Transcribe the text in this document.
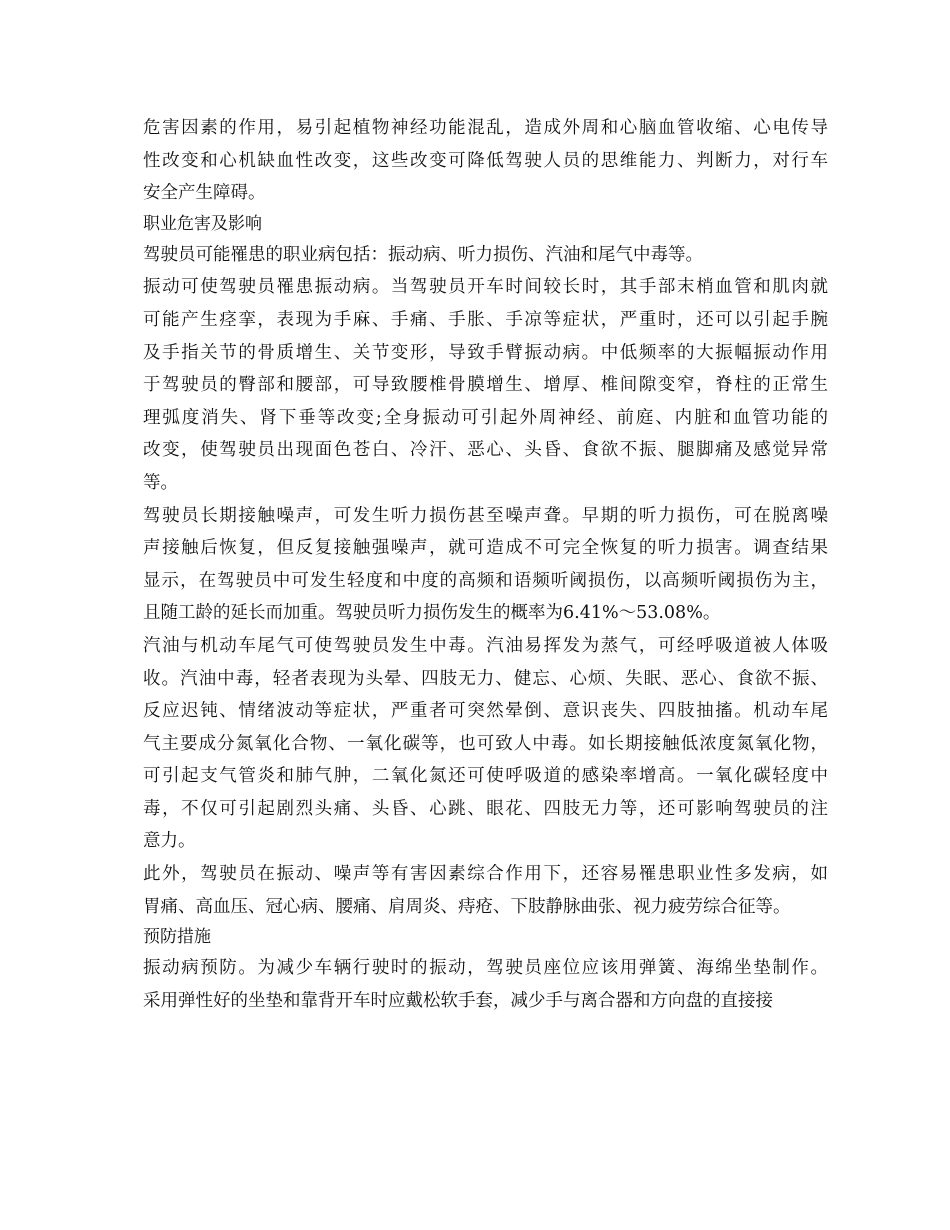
危害因素的作用，易引起植物神经功能混乱，造成外周和心脑血管收缩、心电传导
性改变和心机缺血性改变，这些改变可降低驾驶人员的思维能力、判断力，对行车
安全产生障碍。
职业危害及影响
驾驶员可能罹患的职业病包括：振动病、听力损伤、汽油和尾气中毒等。
振动可使驾驶员罹患振动病。当驾驶员开车时间较长时，其手部末梢血管和肌肉就
可能产生痉挛，表现为手麻、手痛、手胀、手凉等症状，严重时，还可以引起手腕
及手指关节的骨质增生、关节变形，导致手臂振动病。中低频率的大振幅振动作用
于驾驶员的臀部和腰部，可导致腰椎骨膜增生、增厚、椎间隙变窄，脊柱的正常生
理弧度消失、肾下垂等改变;全身振动可引起外周神经、前庭、内脏和血管功能的
改变，使驾驶员出现面色苍白、冷汗、恶心、头昏、食欲不振、腿脚痛及感觉异常
等。
驾驶员长期接触噪声，可发生听力损伤甚至噪声聋。早期的听力损伤，可在脱离噪
声接触后恢复，但反复接触强噪声，就可造成不可完全恢复的听力损害。调查结果
显示，在驾驶员中可发生轻度和中度的高频和语频听阈损伤，以高频听阈损伤为主，
且随工龄的延长而加重。驾驶员听力损伤发生的概率为6.41%～53.08%。
汽油与机动车尾气可使驾驶员发生中毒。汽油易挥发为蒸气，可经呼吸道被人体吸
收。汽油中毒，轻者表现为头晕、四肢无力、健忘、心烦、失眠、恶心、食欲不振、
反应迟钝、情绪波动等症状，严重者可突然晕倒、意识丧失、四肢抽搐。机动车尾
气主要成分氮氧化合物、一氧化碳等，也可致人中毒。如长期接触低浓度氮氧化物，
可引起支气管炎和肺气肿，二氧化氮还可使呼吸道的感染率增高。一氧化碳轻度中
毒，不仅可引起剧烈头痛、头昏、心跳、眼花、四肢无力等，还可影响驾驶员的注
意力。
此外，驾驶员在振动、噪声等有害因素综合作用下，还容易罹患职业性多发病，如
胃痛、高血压、冠心病、腰痛、肩周炎、痔疮、下肢静脉曲张、视力疲劳综合征等。
预防措施
振动病预防。为减少车辆行驶时的振动，驾驶员座位应该用弹簧、海绵坐垫制作。
采用弹性好的坐垫和靠背开车时应戴松软手套，减少手与离合器和方向盘的直接接
